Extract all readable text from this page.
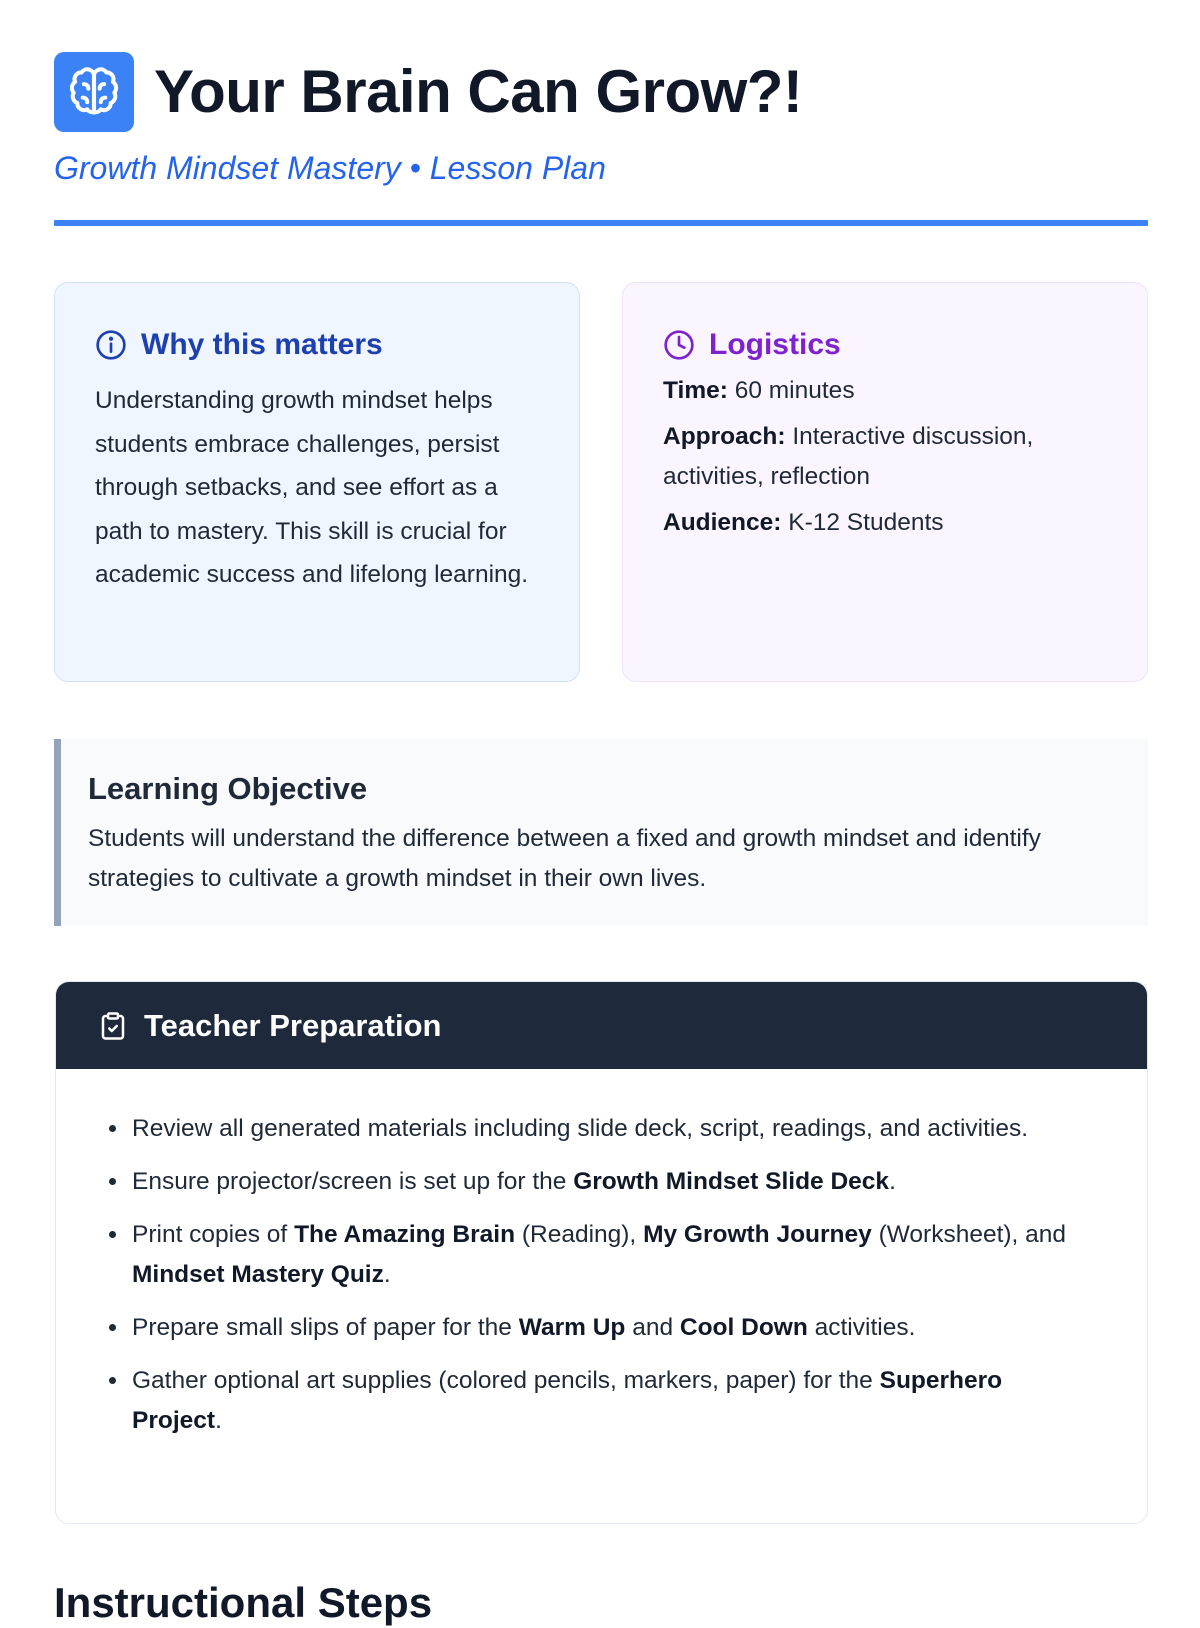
Your Brain Can Grow?!
Growth Mindset Mastery • Lesson Plan
Why this matters
Understanding growth mindset helps students embrace challenges, persist through setbacks, and see effort as a path to mastery. This skill is crucial for academic success and lifelong learning.
Logistics
Time: 60 minutes
Approach: Interactive discussion, activities, reflection
Audience: K-12 Students
Learning Objective
Students will understand the difference between a fixed and growth mindset and identify strategies to cultivate a growth mindset in their own lives.
Teacher Preparation
• Review all generated materials including slide deck, script, readings, and activities.
• Ensure projector/screen is set up for the Growth Mindset Slide Deck.
• Print copies of The Amazing Brain (Reading), My Growth Journey (Worksheet), and Mindset Mastery Quiz.
• Prepare small slips of paper for the Warm Up and Cool Down activities.
• Gather optional art supplies (colored pencils, markers, paper) for the Superhero Project.
Instructional Steps
